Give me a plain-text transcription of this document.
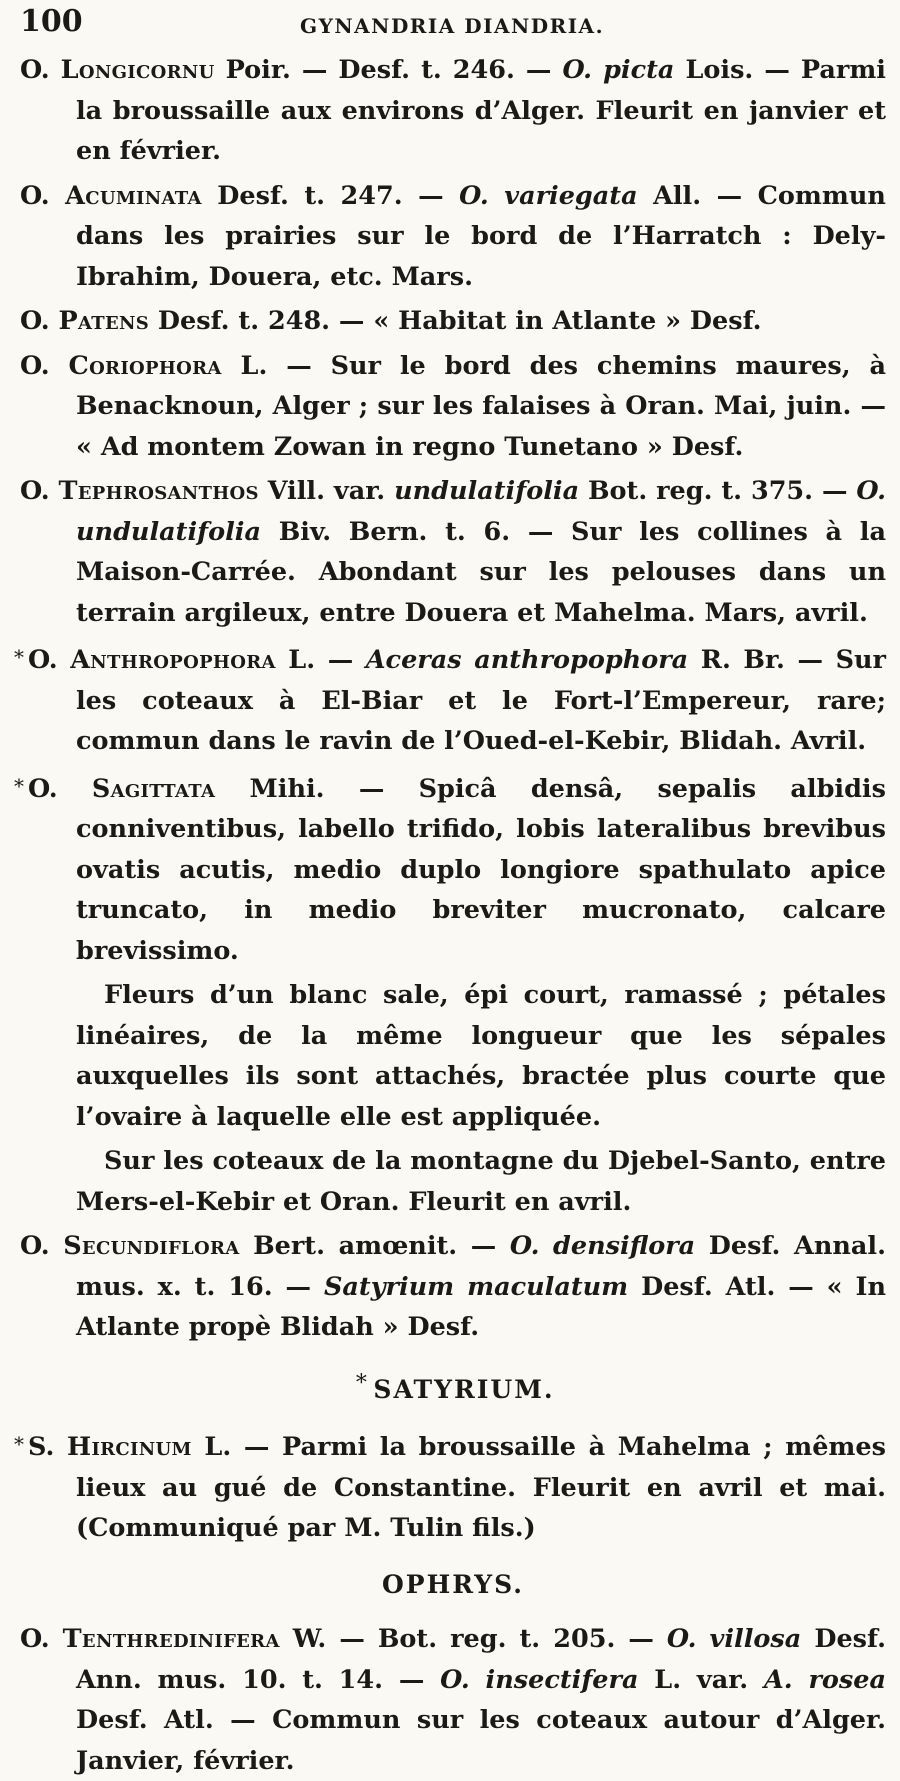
100	GYNANDRIA DIANDRIA.

O. Longicornu Poir. — Desf. t. 246. — O. picta Lois. — Parmi la broussaille aux environs d’Alger. Fleurit en janvier et en février.

O. Acuminata Desf. t. 247. — O. variegata All. — Commun dans les prairies sur le bord de l’Harratch : Dely-Ibrahim, Douera, etc. Mars.

O. Patens Desf. t. 248. — « Habitat in Atlante » Desf.

O. Coriophora L. — Sur le bord des chemins maures, à Benacknoun, Alger ; sur les falaises à Oran. Mai, juin. — « Ad montem Zowan in regno Tunetano » Desf.

O. Tephrosanthos Vill. var. undulatifolia Bot. reg. t. 375. — O. undulatifolia Biv. Bern. t. 6. — Sur les collines à la Maison-Carrée. Abondant sur les pelouses dans un terrain argileux, entre Douera et Mahelma. Mars, avril.

* O. Anthropophora L. — Aceras anthropophora R. Br. — Sur les coteaux à El-Biar et le Fort-l’Empereur, rare; commun dans le ravin de l’Oued-el-Kebir, Blidah. Avril.

* O. Sagittata Mihi. — Spicâ densâ, sepalis albidis conniventibus, labello trifido, lobis lateralibus brevibus ovatis acutis, medio duplo longiore spathulato apice truncato, in medio breviter mucronato, calcare brevissimo.

Fleurs d’un blanc sale, épi court, ramassé ; pétales linéaires, de la même longueur que les sépales auxquelles ils sont attachés, bractée plus courte que l’ovaire à laquelle elle est appliquée.

Sur les coteaux de la montagne du Djebel-Santo, entre Mers-el-Kebir et Oran. Fleurit en avril.

O. Secundiflora Bert. amœnit. — O. densiflora Desf. Annal. mus. x. t. 16. — Satyrium maculatum Desf. Atl. — « In Atlante propè Blidah » Desf.

* SATYRIUM.

* S. Hircinum L. — Parmi la broussaille à Mahelma ; mêmes lieux au gué de Constantine. Fleurit en avril et mai. (Communiqué par M. Tulin fils.)

OPHRYS.

O. Tenthredinifera W. — Bot. reg. t. 205. — O. villosa Desf. Ann. mus. 10. t. 14. — O. insectifera L. var. A. rosea Desf. Atl. — Commun sur les coteaux autour d’Alger. Janvier, février.
